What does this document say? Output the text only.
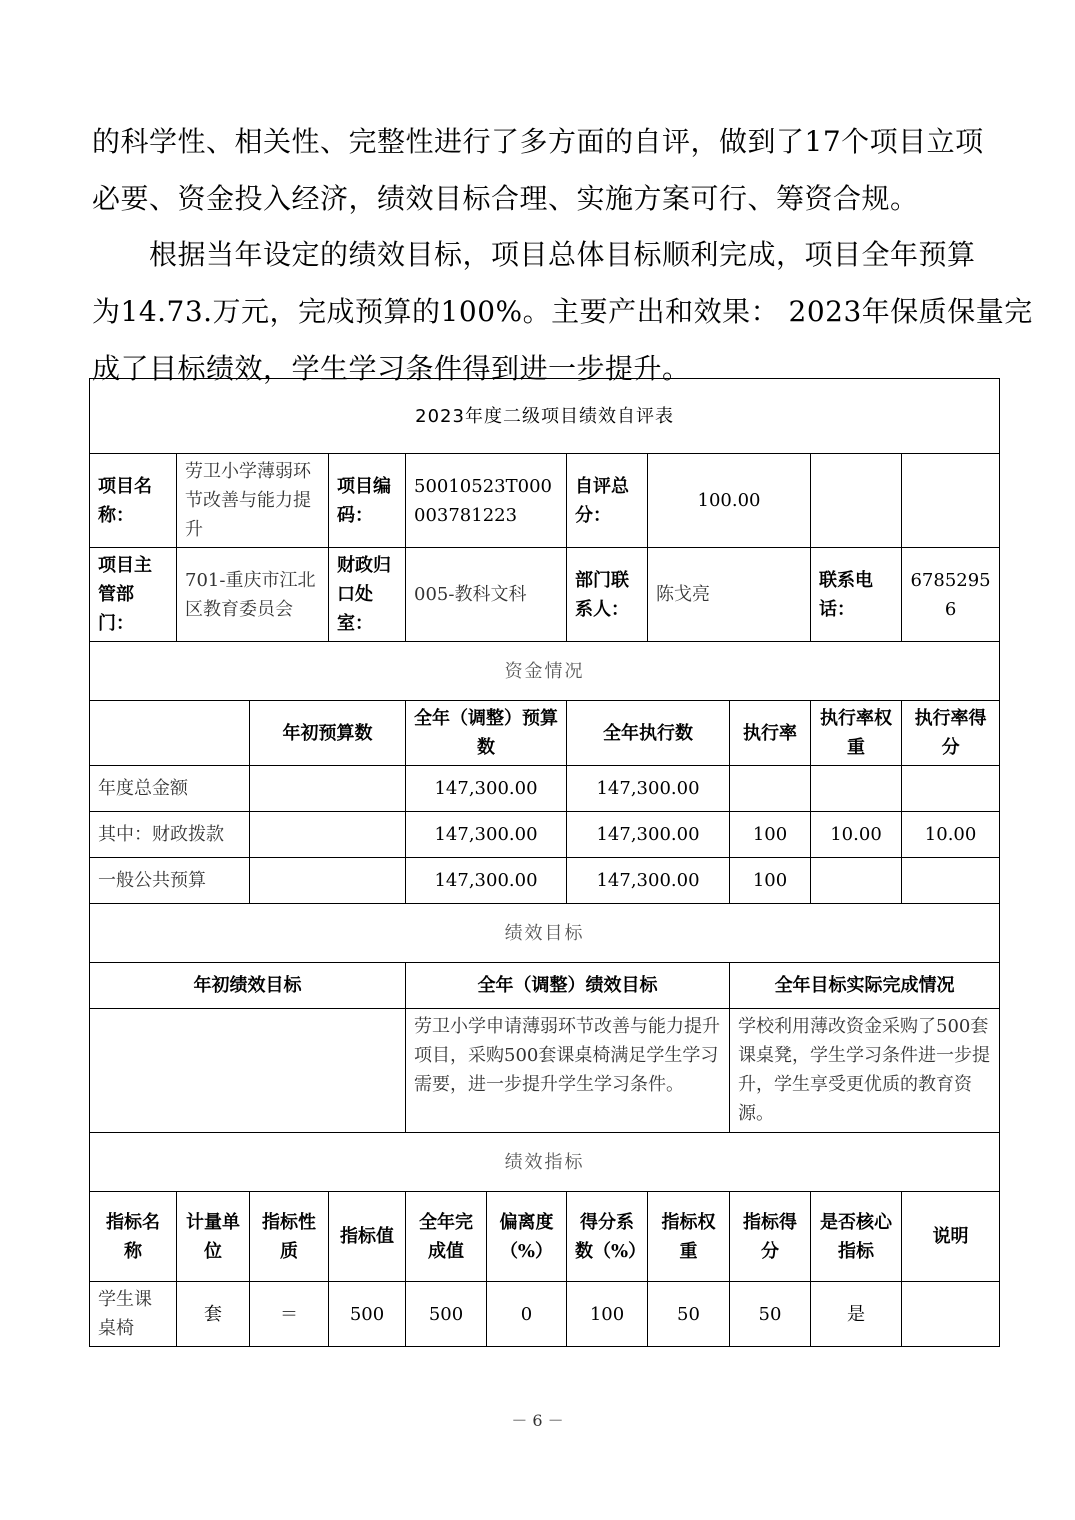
的科学性、相关性、完整性进行了多方面的自评，做到了17个项目立项
必要、资金投入经济，绩效目标合理、实施方案可行、筹资合规。
根据当年设定的绩效目标，项目总体目标顺利完成，项目全年预算
为14.73.万元，完成预算的100%。主要产出和效果： 2023年保质保量完
成了目标绩效，学生学习条件得到进一步提升。
2023年度二级项目绩效自评表										
项目名称：	劳卫小学薄弱环节改善与能力提升		项目编码：	50010523T000003781223		自评总分：	100.00			
项目主管部门：	701-重庆市江北区教育委员会		财政归口处室：	005-教科文科		部门联系人：	陈戈亮		联系电话：	67852956
资金情况										
		年初预算数		全年（调整）预算数		全年执行数		执行率	执行率权重	执行率得分
年度总金额				147,300.00		147,300.00				
其中：财政拨款				147,300.00		147,300.00		100	10.00	10.00
一般公共预算				147,300.00		147,300.00		100		
绩效目标										
年初绩效目标				全年（调整）绩效目标				全年目标实际完成情况		
				劳卫小学申请薄弱环节改善与能力提升项目，采购500套课桌椅满足学生学习需要，进一步提升学生学习条件。				学校利用薄改资金采购了500套课桌凳，学生学习条件进一步提升，学生享受更优质的教育资源。		
绩效指标										
指标名称	计量单位	指标性质	指标值	全年完成值	偏离度（%）	得分系数（%）	指标权重	指标得分	是否核心指标	说明
学生课桌椅	套	＝	500	500	0	100	50	50	是	
－ 6 －
